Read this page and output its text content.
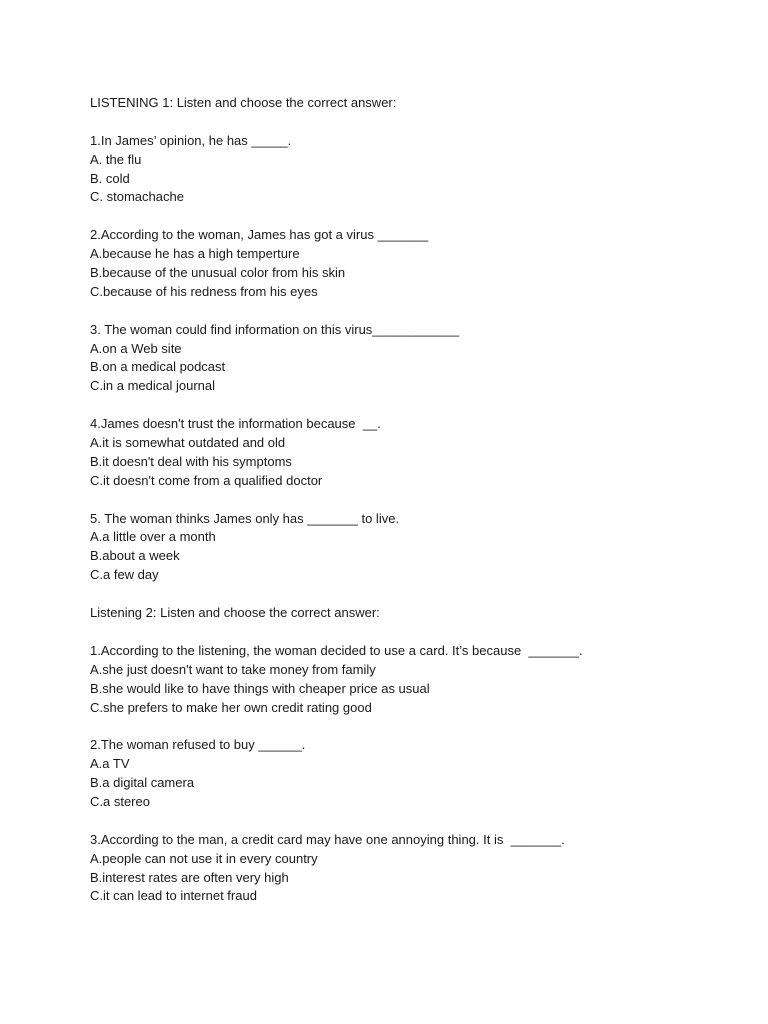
LISTENING 1: Listen and choose the correct answer:
1.In James’ opinion, he has _____.
A. the flu
B. cold
C. stomachache
2.According to the woman, James has got a virus _______
A.because he has a high temperture
B.because of the unusual color from his skin
C.because of his redness from his eyes
3. The woman could find information on this virus____________
A.on a Web site
B.on a medical podcast
C.in a medical journal
4.James doesn't trust the information because  __.
A.it is somewhat outdated and old
B.it doesn't deal with his symptoms
C.it doesn't come from a qualified doctor
5. The woman thinks James only has _______ to live.
A.a little over a month
B.about a week
C.a few day
Listening 2: Listen and choose the correct answer:
1.According to the listening, the woman decided to use a card. It’s because  _______.
A.she just doesn't want to take money from family
B.she would like to have things with cheaper price as usual
C.she prefers to make her own credit rating good
2.The woman refused to buy ______.
A.a TV
B.a digital camera
C.a stereo
3.According to the man, a credit card may have one annoying thing. It is  _______.
A.people can not use it in every country
B.interest rates are often very high
C.it can lead to internet fraud
